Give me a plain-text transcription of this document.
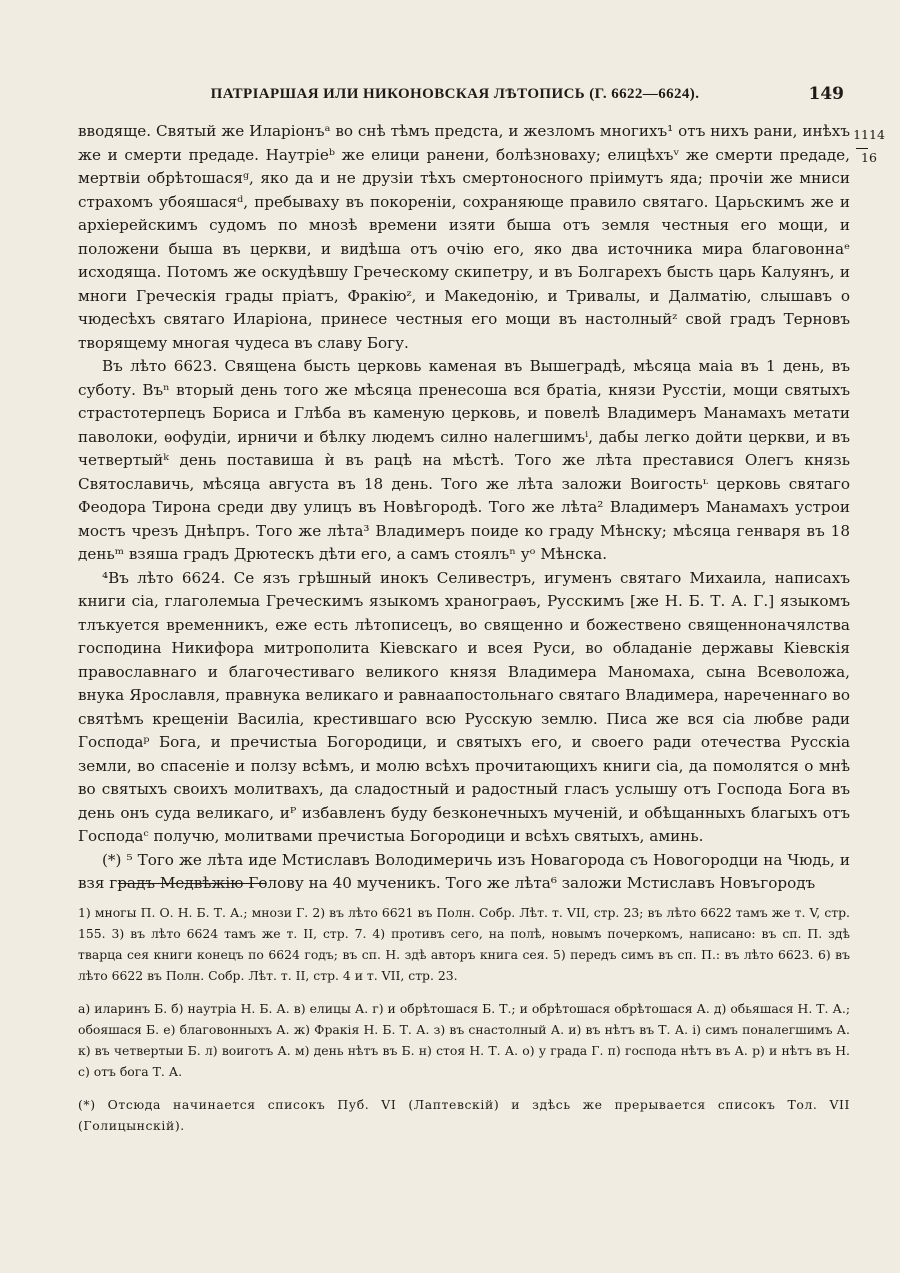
ПАТРІАРШАЯ ИЛИ НИКОНОВСКАЯ ЛѢТОПИСЬ (Г. 6622—6624).	149
1114
16

вводяще. Святый же Иларіонъᵃ во снѣ тѣмъ предста, и жезломъ многихъ¹ отъ нихъ рани, инѣхъ же и смерти предаде. Наутріеᵇ же елици ранени, болѣзноваху; елицѣхъᵛ же смерти предаде, мертвіи обрѣтошасяᵍ, яко да и не друзіи тѣхъ смертоносного пріимутъ яда; прочіи же мниси страхомъ убояшасяᵈ, пребываху въ покореніи, сохраняюще правило святаго. Царьскимъ же и архіерейскимъ судомъ по мнозѣ времени изяти быша отъ земля честныя его мощи, и положени быша въ церкви, и видѣша отъ очію его, яко два источника мира благовоннаᵉ исходяща. Потомъ же оскудѣвшу Греческому скипетру, и въ Болгарехъ бысть царь Калуянъ, и многи Греческія грады пріатъ, Фракіюᶻ, и Македонію, и Тривалы, и Далматію, слышавъ о чюдесѣхъ святаго Иларіона, принесе честныя его мощи въ настолныйᶻ свой градъ Терновъ творящему многая чудеса въ славу Богу.

Въ лѣто 6623. Священа бысть церковь каменая въ Вышеградѣ, мѣсяца маіа въ 1 день, въ суботу. Въⁿ вторый день того же мѣсяца пренесоша вся братіа, князи Русстіи, мощи святыхъ страстотерпецъ Бориса и Глѣба въ каменую церковь, и повелѣ Владимеръ Манамахъ метати паволоки, ѳофудіи, ирничи и бѣлку людемъ силно налегшимъⁱ, дабы легко дойти церкви, и въ четвертыйᵏ день поставиша ѝ въ рацѣ на мѣстѣ. Того же лѣта преставися Олегъ князь Святославичь, мѣсяца августа въ 18 день. Того же лѣта заложи Воигостьᶫ церковь святаго Феодора Тирона среди дву улицъ въ Новѣгородѣ. Того же лѣта² Владимеръ Манамахъ устрои мостъ чрезъ Днѣпръ. Того же лѣта³ Владимеръ поиде ко граду Мѣнску; мѣсяца генваря въ 18 деньᵐ взяша градъ Дрютескъ дѣти его, а самъ стоялъⁿ уᵒ Мѣнска.

⁴Въ лѣто 6624. Се язъ грѣшный инокъ Селивестръ, игуменъ святаго Михаила, написахъ книги сіа, глаголемыа Греческимъ языкомъ хранограѳъ, Русскимъ [же Н. Б. Т. А. Г.] языкомъ тлъкуется временникъ, еже есть лѣтописецъ, во священно и божествено священноначялства господина Никифора митрополита Кіевскаго и всея Руси, во обладаніе державы Кіевскія православнаго и благочестиваго великого князя Владимера Маномаха, сына Всеволожа, внука Ярославля, правнука великаго и равнаапостольнаго святаго Владимера, нареченнаго во святѣмъ крещеніи Василіа, крестившаго всю Русскую землю. Писа же вся сіа любве ради Господаᵖ Бога, и пречистыа Богородици, и святыхъ его, и своего ради отечества Русскіа земли, во спасеніе и ползу всѣмъ, и молю всѣхъ прочитающихъ книги сіа, да помолятся о мнѣ во святыхъ своихъ молитвахъ, да сладостный и радостный гласъ услышу отъ Господа Бога въ день онъ суда великаго, иᴾ избавленъ буду безконечныхъ мученій, и обѣщанныхъ благыхъ отъ Господаᶜ получю, молитвами пречистыа Богородици и всѣхъ святыхъ, аминь.

(*) ⁵ Того же лѣта иде Мстиславъ Володимеричь изъ Новагорода съ Новогородци на Чюдь, и взя градъ Медвѣжію Голову на 40 мученикъ. Того же лѣта⁶ заложи Мстиславъ Новъгородъ

1) многы П. О. Н. Б. Т. А.; мнози Г. 2) въ лѣто 6621 въ Полн. Собр. Лѣт. т. VII, стр. 23; въ лѣто 6622 тамъ же т. V, стр. 155. 3) въ лѣто 6624 тамъ же т. II, стр. 7. 4) противъ сего, на полѣ, новымъ почеркомъ, написано: въ сп. П. здѣ тварца сея книги конецъ по 6624 годъ; въ сп. Н. здѣ авторъ книга сея. 5) передъ симъ въ сп. П.: въ лѣто 6623. 6) въ лѣто 6622 въ Полн. Собр. Лѣт. т. II, стр. 4 и т. VII, стр. 23.

а) иларинъ Б. б) наутріа Н. Б. А. в) елицы А. г) и обрѣтошася Б. Т.; и обрѣтошася обрѣтошася А. д) обьяшася Н. Т. А.; обояшася Б. е) благовонныхъ А. ж) Фракія Н. Б. Т. А. з) въ снастолный А. и) въ нѣтъ въ Т. А. і) симъ поналегшимъ А. к) въ четвертыи Б. л) воиготъ А. м) день нѣтъ въ Б. н) стоя Н. Т. А. о) у града Г. п) господа нѣтъ въ А. р) и нѣтъ въ Н. с) отъ бога Т. А.

(*) Отсюда начинается списокъ Пуб. VI (Лаптевскій) и здѣсь же прерывается списокъ Тол. VII (Голицынскій).
